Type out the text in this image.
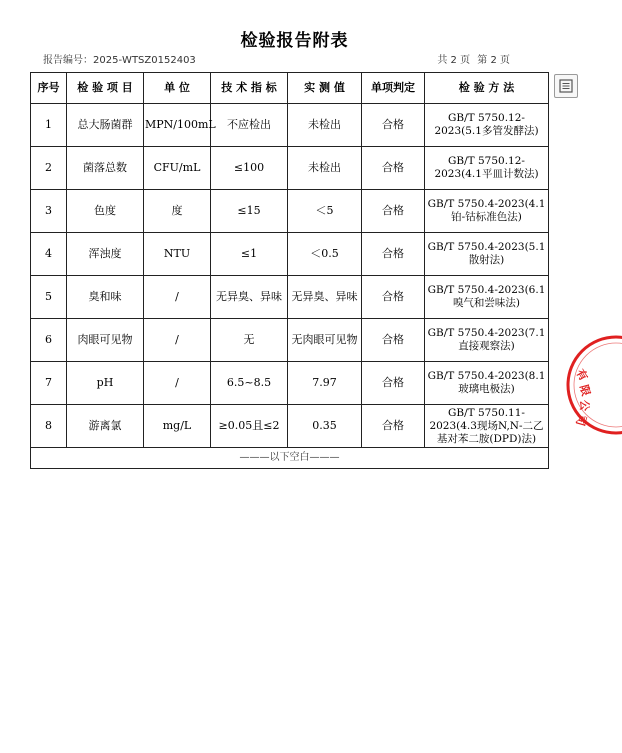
检验报告附表
报告编号：2025-WTSZ0152403	共 2 页 第 2 页
序号	检 验 项 目	单 位	技 术 指 标	实 测 值	单项判定	检 验 方 法
1	总大肠菌群	MPN/100mL	不应检出	未检出	合格	GB/T 5750.12-2023(5.1多管发酵法)
2	菌落总数	CFU/mL	≤100	未检出	合格	GB/T 5750.12-2023(4.1平皿计数法)
3	色度	度	≤15	＜5	合格	GB/T 5750.4-2023(4.1铂-钴标准色法)
4	浑浊度	NTU	≤1	＜0.5	合格	GB/T 5750.4-2023(5.1散射法)
5	臭和味	/	无异臭、异味	无异臭、异味	合格	GB/T 5750.4-2023(6.1嗅气和尝味法)
6	肉眼可见物	/	无	无肉眼可见物	合格	GB/T 5750.4-2023(7.1直接观察法)
7	pH	/	6.5~8.5	7.97	合格	GB/T 5750.4-2023(8.1玻璃电极法)
8	游离氯	mg/L	≥0.05且≤2	0.35	合格	GB/T 5750.11-2023(4.3现场N,N-二乙基对苯二胺(DPD)法)
———以下空白———						
有
限
公
司
